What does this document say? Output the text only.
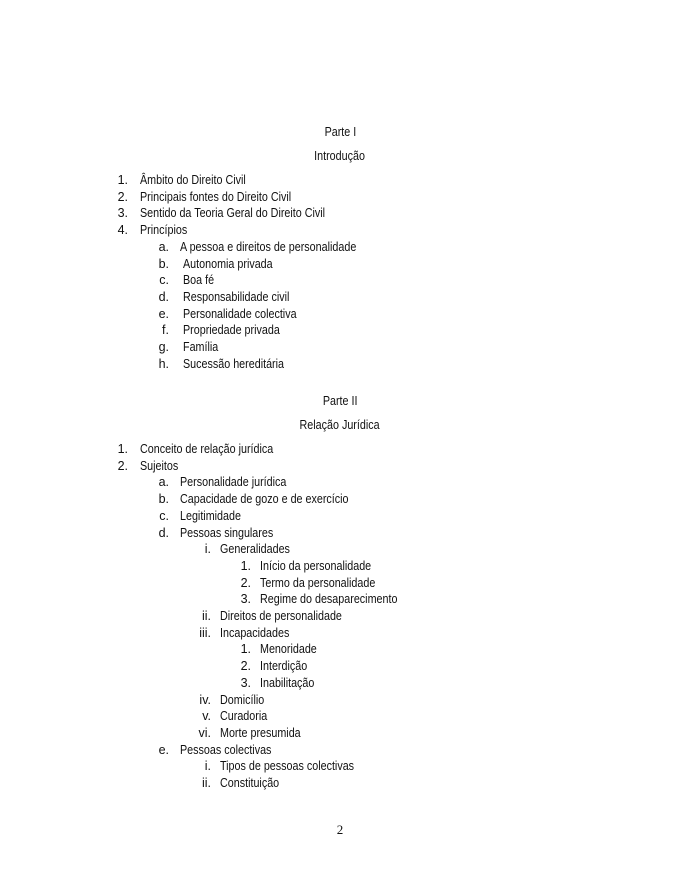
Parte I
Introdução
1. Âmbito do Direito Civil
2. Principais fontes do Direito Civil
3. Sentido da Teoria Geral do Direito Civil
4. Princípios
a. A pessoa e direitos de personalidade
b. Autonomia privada
c. Boa fé
d. Responsabilidade civil
e. Personalidade colectiva
f. Propriedade privada
g. Família
h. Sucessão hereditária
Parte II
Relação Jurídica
1. Conceito de relação jurídica
2. Sujeitos
a. Personalidade jurídica
b. Capacidade de gozo e de exercício
c. Legitimidade
d. Pessoas singulares
i. Generalidades
1. Início da personalidade
2. Termo da personalidade
3. Regime do desaparecimento
ii. Direitos de personalidade
iii. Incapacidades
1. Menoridade
2. Interdição
3. Inabilitação
iv. Domicílio
v. Curadoria
vi. Morte presumida
e. Pessoas colectivas
i. Tipos de pessoas colectivas
ii. Constituição
2
